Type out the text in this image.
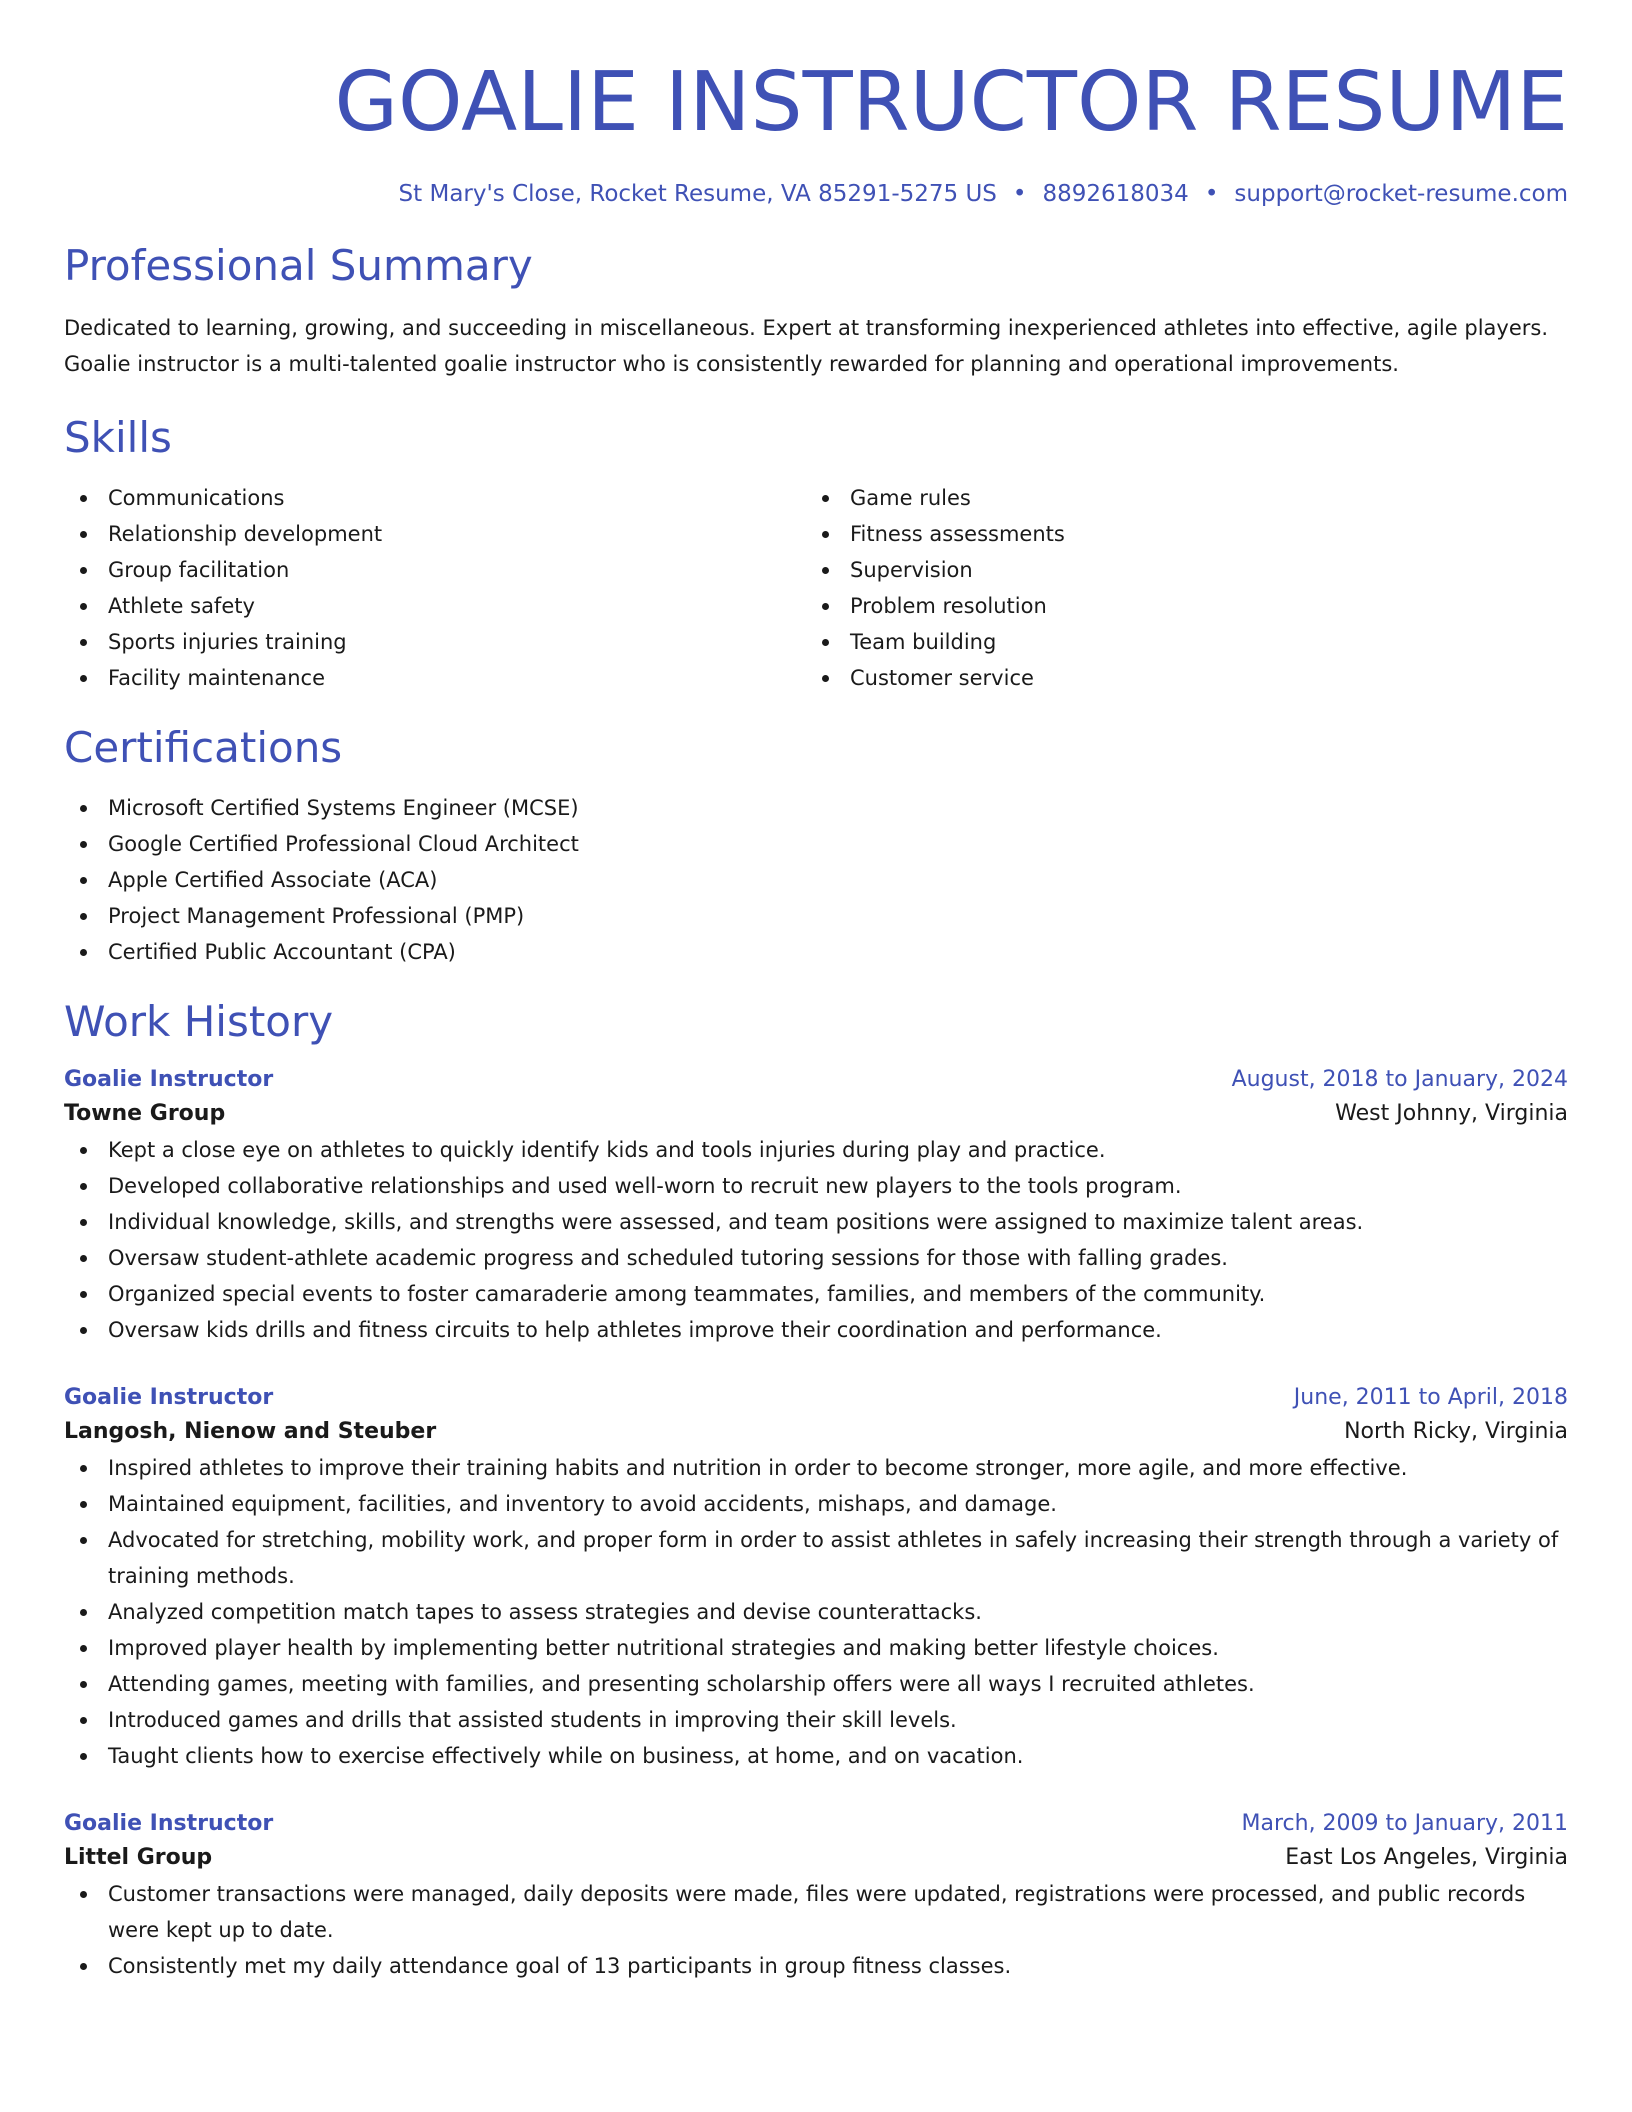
GOALIE INSTRUCTOR RESUME
St Mary's Close, Rocket Resume, VA 85291-5275 US • 8892618034 • support@rocket-resume.com
Professional Summary

Dedicated to learning, growing, and succeeding in miscellaneous. Expert at transforming inexperienced athletes into effective, agile players. Goalie instructor is a multi-talented goalie instructor who is consistently rewarded for planning and operational improvements.

Skills
Communications
Relationship development
Group facilitation
Athlete safety
Sports injuries training
Facility maintenance
Game rules
Fitness assessments
Supervision
Problem resolution
Team building
Customer service
Certifications
Microsoft Certified Systems Engineer (MCSE)
Google Certified Professional Cloud Architect
Apple Certified Associate (ACA)
Project Management Professional (PMP)
Certified Public Accountant (CPA)
Work History
Goalie Instructor	August, 2018 to January, 2024
Towne Group	West Johnny, Virginia
Kept a close eye on athletes to quickly identify kids and tools injuries during play and practice.
Developed collaborative relationships and used well-worn to recruit new players to the tools program.
Individual knowledge, skills, and strengths were assessed, and team positions were assigned to maximize talent areas.
Oversaw student-athlete academic progress and scheduled tutoring sessions for those with falling grades.
Organized special events to foster camaraderie among teammates, families, and members of the community.
Oversaw kids drills and fitness circuits to help athletes improve their coordination and performance.
Goalie Instructor	June, 2011 to April, 2018
Langosh, Nienow and Steuber	North Ricky, Virginia
Inspired athletes to improve their training habits and nutrition in order to become stronger, more agile, and more effective.
Maintained equipment, facilities, and inventory to avoid accidents, mishaps, and damage.
Advocated for stretching, mobility work, and proper form in order to assist athletes in safely increasing their strength through a variety of training methods.
Analyzed competition match tapes to assess strategies and devise counterattacks.
Improved player health by implementing better nutritional strategies and making better lifestyle choices.
Attending games, meeting with families, and presenting scholarship offers were all ways I recruited athletes.
Introduced games and drills that assisted students in improving their skill levels.
Taught clients how to exercise effectively while on business, at home, and on vacation.
Goalie Instructor	March, 2009 to January, 2011
Littel Group	East Los Angeles, Virginia
Customer transactions were managed, daily deposits were made, files were updated, registrations were processed, and public records were kept up to date.
Consistently met my daily attendance goal of 13 participants in group fitness classes.
